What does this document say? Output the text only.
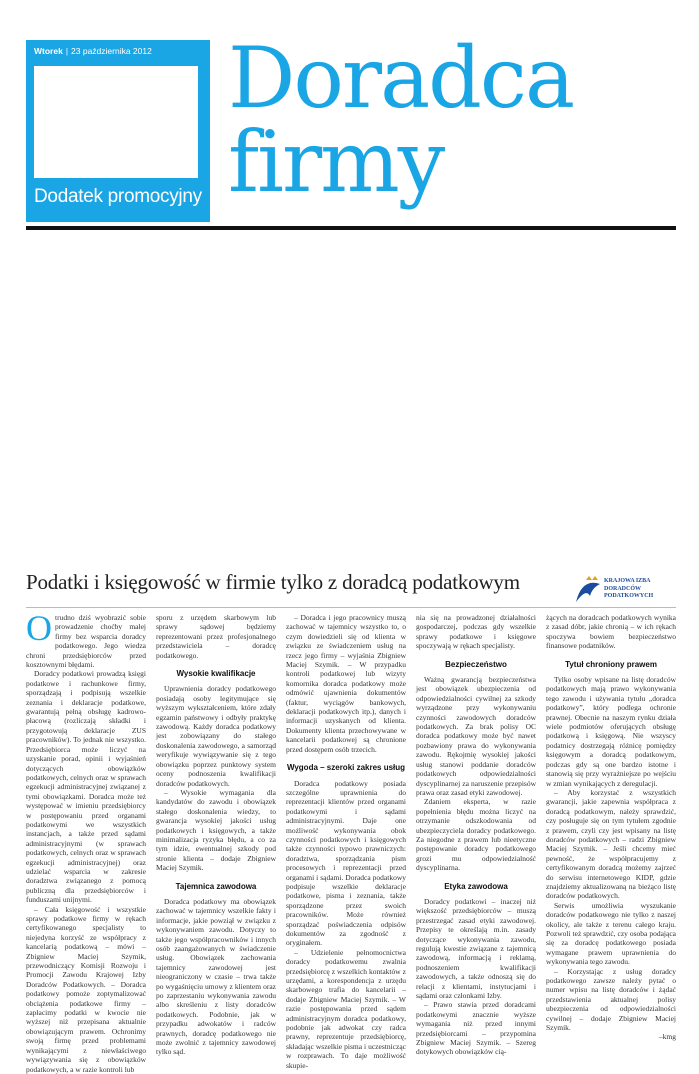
Wtorek | 23 października 2012
Dodatek promocyjny
Doradca
firmy
Podatki i księgowość w firmie tylko z doradcą podatkowym	KRAJOWA IZBA
DORADCÓW
PODATKOWYCH
O trudno dziś wyobrazić sobie prowadzenie choćby małej firmy bez wsparcia doradcy podatkowego. Jego wiedza chroni przedsiębiorców przed kosztownymi błędami.

Doradcy podatkowi prowadzą księgi podatkowe i rachunkowe firmy, sporządzają i podpisują wszelkie zeznania i deklaracje podatkowe, gwarantują pełną obsługę kadrowo-płacową (rozliczają składki i przygotowują deklaracje ZUS pracowników). To jednak nie wszystko. Przedsiębiorca może liczyć na uzyskanie porad, opinii i wyjaśnień dotyczących obowiązków podatkowych, celnych oraz w sprawach egzekucji administracyjnej związanej z tymi obowiązkami. Doradca może też występować w imieniu przedsiębiorcy w postępowaniu przed organami podatkowymi we wszystkich instancjach, a także przed sądami administracyjnymi (w sprawach podatkowych, celnych oraz w sprawach egzekucji administracyjnej) oraz udzielać wsparcia w zakresie doradztwa związanego z pomocą publiczną dla przedsiębiorców i funduszami unijnymi.

– Cała księgowość i wszystkie sprawy podatkowe firmy w rękach certyfikowanego specjalisty to niejedyna korzyść ze współpracy z kancelarią podatkową – mówi – Zbigniew Maciej Szymik, przewodniczący Komisji Rozwoju i Promocji Zawodu Krajowej Izby Doradców Podatkowych. – Doradca podatkowy pomoże zoptymalizować obciążenia podatkowe firmy – zapłacimy podatki w kwocie nie wyższej niż przepisana aktualnie obowiązującym prawem. Ochronimy swoją firmę przed problemami wynikającymi z niewłaściwego wywiązywania się z obowiązków podatkowych, a w razie kontroli lub

sporu z urzędem skarbowym lub sprawy sądowej będziemy reprezentowani przez profesjonalnego przedstawiciela – doradcę podatkowego.

Wysokie kwalifikacje

Uprawnienia doradcy podatkowego posiadają osoby legitymujące się wyższym wykształceniem, które zdały egzamin państwowy i odbyły praktykę zawodową. Każdy doradca podatkowy jest zobowiązany do stałego doskonalenia zawodowego, a samorząd weryfikuje wywiązywanie się z tego obowiązku poprzez punktowy system oceny podnoszenia kwalifikacji doradców podatkowych.

– Wysokie wymagania dla kandydatów do zawodu i obowiązek stałego doskonalenia wiedzy, to gwarancja wysokiej jakości usług podatkowych i księgowych, a także minimalizacja ryzyka błędu, a co za tym idzie, ewentualnej szkody pod stronie klienta – dodaje Zbigniew Maciej Szymik.

Tajemnica zawodowa

Doradca podatkowy ma obowiązek zachować w tajemnicy wszelkie fakty i informacje, jakie powziął w związku z wykonywaniem zawodu. Dotyczy to także jego współpracowników i innych osób zaangażowanych w świadczenie usług. Obowiązek zachowania tajemnicy zawodowej jest nieograniczony w czasie – trwa także po wygaśnięciu umowy z klientem oraz po zaprzestaniu wykonywania zawodu albo skreśleniu z listy doradców podatkowych. Podobnie, jak w przypadku adwokatów i radców prawnych, doradcę podatkowego nie może zwolnić z tajemnicy zawodowej tylko sąd.

– Doradca i jego pracownicy muszą zachować w tajemnicy wszystko to, o czym dowiedzieli się od klienta w związku ze świadczeniem usług na rzecz jego firmy – wyjaśnia Zbigniew Maciej Szymik. – W przypadku kontroli podatkowej lub wizyty komornika doradca podatkowy może odmówić ujawnienia dokumentów (faktur, wyciągów bankowych, deklaracji podatkowych itp.), danych i informacji uzyskanych od klienta. Dokumenty klienta przechowywane w kancelarii podatkowej są chronione przed dostępem osób trzecich.

Wygoda – szeroki zakres usług

Doradca podatkowy posiada szczególne uprawnienia do reprezentacji klientów przed organami podatkowymi i sądami administracyjnymi. Daje one możliwość wykonywania obok czynności podatkowych i księgowych także czynności typowo prawniczych: doradztwa, sporządzania pism procesowych i reprezentacji przed organami i sądami. Doradca podatkowy podpisuje wszelkie deklaracje podatkowe, pisma i zeznania, także sporządzone przez swoich pracowników. Może również sporządzać poświadczenia odpisów dokumentów za zgodność z oryginałem.

– Udzielenie pełnomocnictwa doradcy podatkowemu zwalnia przedsiębiorcę z wszelkich kontaktów z urzędami, a korespondencja z urzędu skarbowego trafia do kancelarii – dodaje Zbigniew Maciej Szymik. – W razie postępowania przed sądem administracyjnym doradca podatkowy, podobnie jak adwokat czy radca prawny, reprezentuje przedsiębiorcę, składając wszelkie pisma i uczestnicząc w rozprawach. To daje możliwość skupie-

nia się na prowadzonej działalności gospodarczej, podczas gdy wszelkie sprawy podatkowe i księgowe spoczywają w rękach specjalisty.

Bezpieczeństwo

Ważną gwarancją bezpieczeństwa jest obowiązek ubezpieczenia od odpowiedzialności cywilnej za szkody wyrządzone przy wykonywaniu czynności zawodowych doradców podatkowych. Za brak polisy OC doradca podatkowy może być nawet pozbawiony prawa do wykonywania zawodu. Rękojmię wysokiej jakości usług stanowi poddanie doradców podatkowych odpowiedzialności dyscyplinarnej za naruszenie przepisów prawa oraz zasad etyki zawodowej.

Zdaniem eksperta, w razie popełnienia błędu można liczyć na otrzymanie odszkodowania od ubezpieczyciela doradcy podatkowego. Za niegodne z prawem lub nieetyczne postępowanie doradcy podatkowego grozi mu odpowiedzialność dyscyplinarna.

Etyka zawodowa

Doradcy podatkowi – inaczej niż większość przedsiębiorców – muszą przestrzegać zasad etyki zawodowej. Przepisy te określają m.in. zasady dotyczące wykonywania zawodu, regulują kwestie związane z tajemnicą zawodową, informacją i reklamą, podnoszeniem kwalifikacji zawodowych, a także odnoszą się do relacji z klientami, instytucjami i sądami oraz członkami Izby.

– Prawo stawia przed doradcami podatkowymi znacznie wyższe wymagania niż przed innymi przedsiębiorcami – przypomina Zbigniew Maciej Szymik. – Szereg dotykowych obowiązków cią-

żących na doradcach podatkowych wynika z zasad dóbr, jakie chronią – w ich rękach spoczywa bowiem bezpieczeństwo finansowe podatników.

Tytuł chroniony prawem

Tylko osoby wpisane na listę doradców podatkowych mają prawo wykonywania tego zawodu i używania tytułu „doradca podatkowy”, który podlega ochronie prawnej. Obecnie na naszym rynku działa wiele podmiotów oferujących obsługę podatkową i księgową. Nie wszyscy podatnicy dostrzegają różnicę pomiędzy księgowym a doradcą podatkowym, podczas gdy są one bardzo istotne i stanowią się przy wyrażniejsze po wejściu w zmian wynikających z deregulacji.

– Aby korzystać z wszystkich gwarancji, jakie zapewnia współpraca z doradcą podatkowym, należy sprawdzić, czy posługuje się on tym tytułem zgodnie z prawem, czyli czy jest wpisany na listę doradców podatkowych – radzi Zbigniew Maciej Szymik. – Jeśli chcemy mieć pewność, że współpracujemy z certyfikowanym doradcą możemy zajrzeć do serwisu internetowego KIDP, gdzie znajdziemy aktualizowaną na bieżąco listę doradców podatkowych.

Serwis umożliwia wyszukanie doradców podatkowego nie tylko z naszej okolicy, ale także z terenu całego kraju. Pozwoli też sprawdzić, czy osoba podająca się za doradcę podatkowego posiada wymagane prawem uprawnienia do wykonywania tego zawodu.

– Korzystając z usług doradcy podatkowego zawsze należy pytać o numer wpisu na listę doradców i żądać przedstawienia aktualnej polisy ubezpieczenia od odpowiedzialności cywilnej – dodaje Zbigniew Maciej Szymik.

–kmg
